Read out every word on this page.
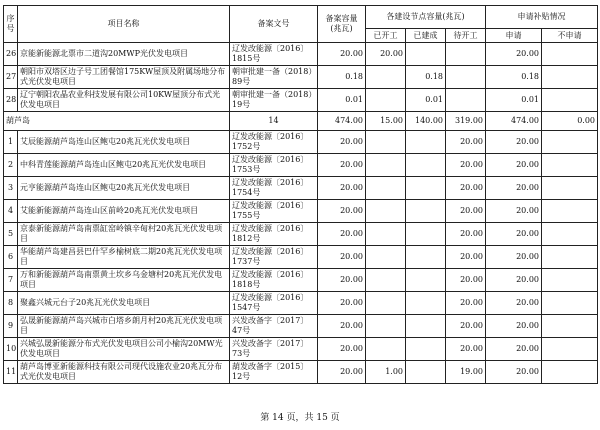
序
号	项目名称	备案文号	备案容量
(兆瓦)	各建设节点容量(兆瓦)			申请补贴情况	
				已开工	已建成	待开工	申请	不申请
26	京能新能源北票市二道沟20MWP光伏发电项目	辽发改能源〔2016〕1815号	20.00	20.00			20.00	
27	朝阳市双塔区边子号工团餐馆175KW屋顶及附属场地分布式光伏发电项目	朝审批建一备（2018）89号	0.18		0.18		0.18	
28	辽宁朝阳农晶农业科技发展有限公司10KW屋顶分布式光伏发电项目	朝审批建一备（2018）19号	0.01		0.01		0.01	
葫芦岛		14	474.00	15.00	140.00	319.00	474.00	0.00
1	艾辰能源葫芦岛连山区鲍屯20兆瓦光伏发电项目	辽发改能源〔2016〕1752号	20.00			20.00	20.00	
2	中科青莲能源葫芦岛连山区鲍屯20兆瓦光伏发电项目	辽发改能源〔2016〕1753号	20.00			20.00	20.00	
3	元亨能源葫芦岛连山区鲍屯20兆瓦光伏发电项目	辽发改能源〔2016〕1754号	20.00			20.00	20.00	
4	艾能新能源葫芦岛连山区前岭20兆瓦光伏发电项目	辽发改能源〔2016〕1755号	20.00			20.00	20.00	
5	京泰新能源葫芦岛南票缸窑岭镇辛甸村20兆瓦光伏发电项目	辽发改能源〔2016〕1812号	20.00			20.00	20.00	
6	华能葫芦岛建昌县巴什罕乡榆树底二期20兆瓦光伏发电项目	辽发改能源〔2016〕1737号	20.00			20.00	20.00	
7	万和新能源葫芦岛南票黄土坎乡乌金塘村20兆瓦光伏发电项目	辽发改能源〔2016〕1818号	20.00			20.00	20.00	
8	聚鑫兴城元台子20兆瓦光伏发电项目	辽发改能源〔2016〕1547号	20.00			20.00	20.00	
9	弘晟新能源葫芦岛兴城市白塔乡朗月村20兆瓦光伏发电项目	兴发改备字〔2017〕47号	20.00			20.00	20.00	
10	兴城弘晟新能源分布式光伏发电项目公司小榆沟20MW光伏发电项目	兴发改备字〔2017〕73号	20.00			20.00	20.00	
11	葫芦岛博亚新能源科技有限公司现代设施农业20兆瓦分布式光伏发电项目	葫发改备字〔2015〕12号	20.00	1.00		19.00	20.00	
第 14 页，共 15 页
